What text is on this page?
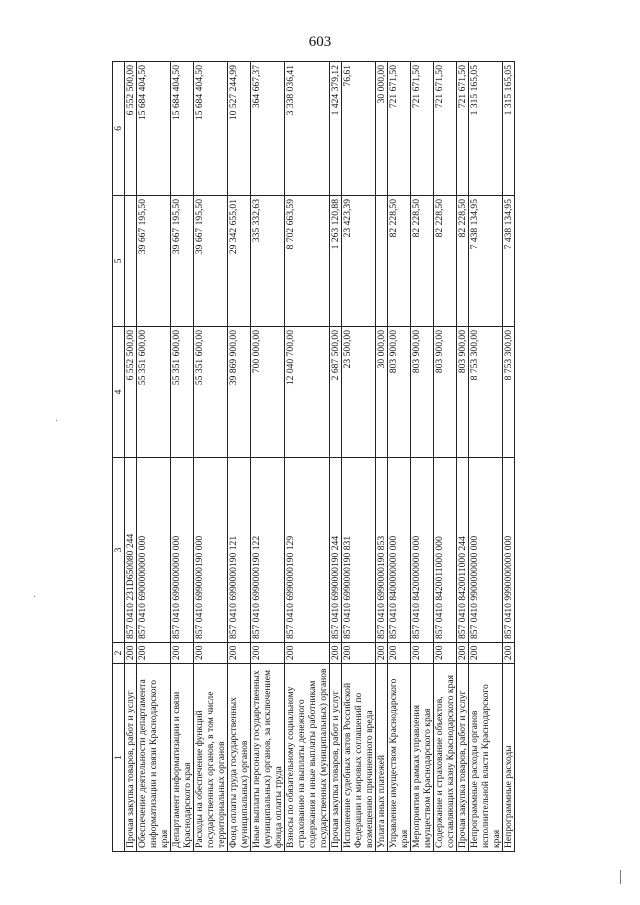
603
1	2	3	4	5	6
Прочая закупка товаров, работ и услуг	200	857 0410 231D650080 244	6 552 500,00		6 552 500,00
Обеспечение деятельности департамента информатизации и связи Краснодарского края	200	857 0410 6900000000 000	55 351 600,00	39 667 195,50	15 684 404,50
Департамент информатизации и связи Краснодарского края	200	857 0410 6990000000 000	55 351 600,00	39 667 195,50	15 684 404,50
Расходы на обеспечение функций государственных органов, в том числе территориальных органов	200	857 0410 6990000190 000	55 351 600,00	39 667 195,50	15 684 404,50
Фонд оплаты труда государственных (муниципальных) органов	200	857 0410 6990000190 121	39 869 900,00	29 342 655,01	10 527 244,99
Иные выплаты персоналу государственных (муниципальных) органов, за исключением фонда оплаты труда	200	857 0410 6990000190 122	700 000,00	335 332,63	364 667,37
Взносы по обязательному социальному страхованию на выплаты денежного содержания и иные выплаты работникам государственных (муниципальных) органов	200	857 0410 6990000190 129	12 040 700,00	8 702 663,59	3 338 036,41
Прочая закупка товаров, работ и услуг	200	857 0410 6990000190 244	2 687 500,00	1 263 120,88	1 424 379,12
Исполнение судебных актов Российской Федерации и мировых соглашений по возмещению причиненного вреда	200	857 0410 6990000190 831	23 500,00	23 423,39	76,61
Уплата иных платежей	200	857 0410 6990000190 853	30 000,00		30 000,00
Управление имуществом Краснодарского края	200	857 0410 8400000000 000	803 900,00	82 228,50	721 671,50
Мероприятия в рамках управления имуществом Краснодарского края	200	857 0410 8420000000 000	803 900,00	82 228,50	721 671,50
Содержание и страхование объектов, составляющих казну Краснодарского края	200	857 0410 8420011000 000	803 900,00	82 228,50	721 671,50
Прочая закупка товаров, работ и услуг	200	857 0410 8420011000 244	803 900,00	82 228,50	721 671,50
Непрограммные расходы органов исполнительной власти Краснодарского края	200	857 0410 9900000000 000	8 753 300,00	7 438 134,95	1 315 165,05
Непрограммные расходы	200	857 0410 9990000000 000	8 753 300,00	7 438 134,95	1 315 165,05
